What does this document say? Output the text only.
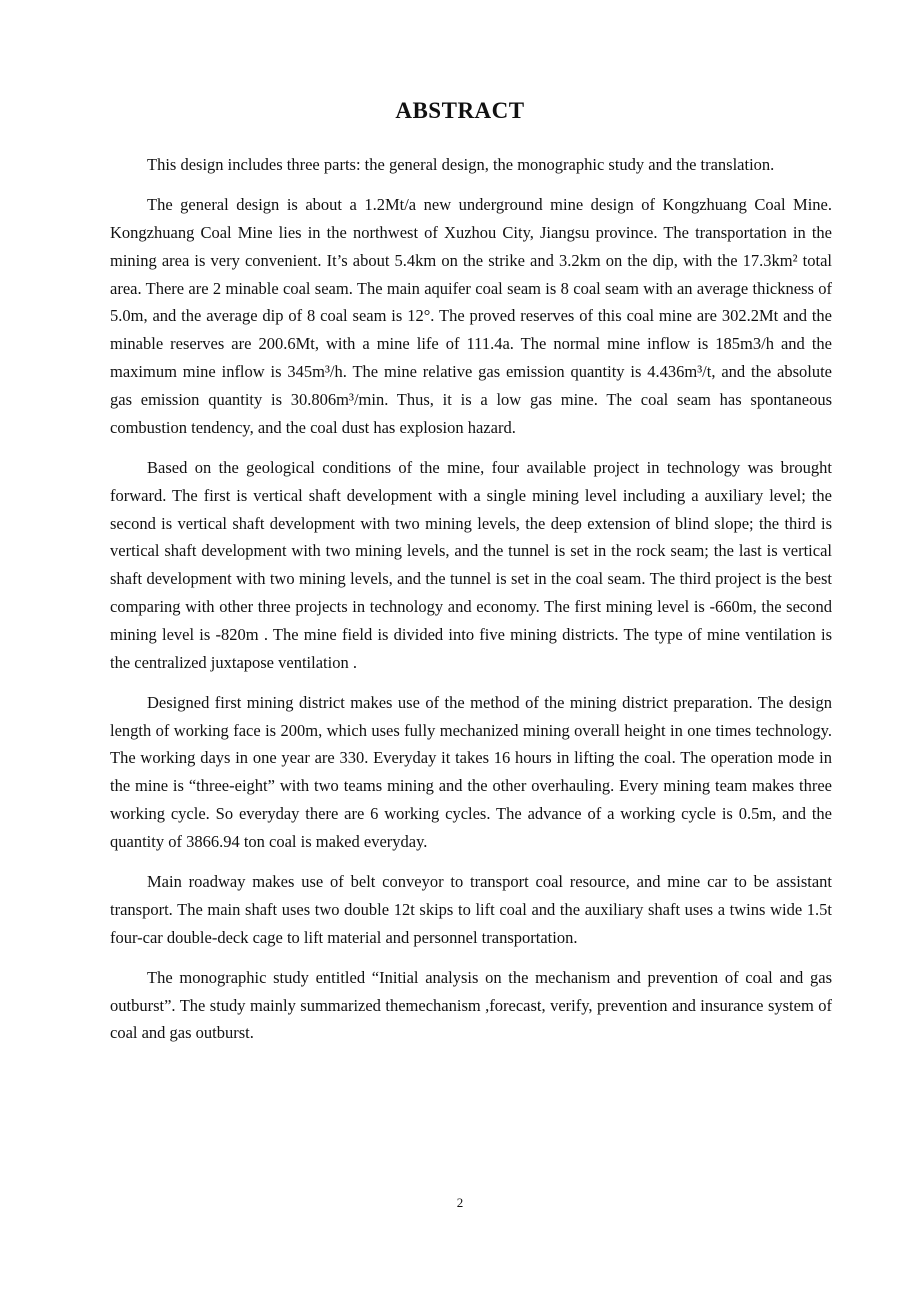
ABSTRACT

This design includes three parts: the general design, the monographic study and the translation.

The general design is about a 1.2Mt/a new underground mine design of Kongzhuang Coal Mine. Kongzhuang Coal Mine lies in the northwest of Xuzhou City, Jiangsu province. The transportation in the mining area is very convenient. It’s about 5.4km on the strike and 3.2km on the dip, with the 17.3km² total area. There are 2 minable coal seam. The main aquifer coal seam is 8 coal seam with an average thickness of 5.0m, and the average dip of 8 coal seam is 12°. The proved reserves of this coal mine are 302.2Mt and the minable reserves are 200.6Mt, with a mine life of 111.4a. The normal mine inflow is 185m3/h and the maximum mine inflow is 345m³/h. The mine relative gas emission quantity is 4.436m³/t, and the absolute gas emission quantity is 30.806m³/min. Thus, it is a low gas mine. The coal seam has spontaneous combustion tendency, and the coal dust has explosion hazard.

Based on the geological conditions of the mine, four available project in technology was brought forward. The first is vertical shaft development with a single mining level including a auxiliary level; the second is vertical shaft development with two mining levels, the deep extension of blind slope; the third is vertical shaft development with two mining levels, and the tunnel is set in the rock seam; the last is vertical shaft development with two mining levels, and the tunnel is set in the coal seam. The third project is the best comparing with other three projects in technology and economy. The first mining level is -660m, the second mining level is -820m . The mine field is divided into five mining districts. The type of mine ventilation is the centralized juxtapose ventilation .

Designed first mining district makes use of the method of the mining district preparation. The design length of working face is 200m, which uses fully mechanized mining overall height in one times technology. The working days in one year are 330. Everyday it takes 16 hours in lifting the coal. The operation mode in the mine is “three-eight” with two teams mining and the other overhauling. Every mining team makes three working cycle. So everyday there are 6 working cycles. The advance of a working cycle is 0.5m, and the quantity of 3866.94 ton coal is maked everyday.

Main roadway makes use of belt conveyor to transport coal resource, and mine car to be assistant transport. The main shaft uses two double 12t skips to lift coal and the auxiliary shaft uses a twins wide 1.5t four-car double-deck cage to lift material and personnel transportation.

The monographic study entitled “Initial analysis on the mechanism and prevention of coal and gas outburst”. The study mainly summarized themechanism ,forecast, verify, prevention and insurance system of coal and gas outburst.

2
